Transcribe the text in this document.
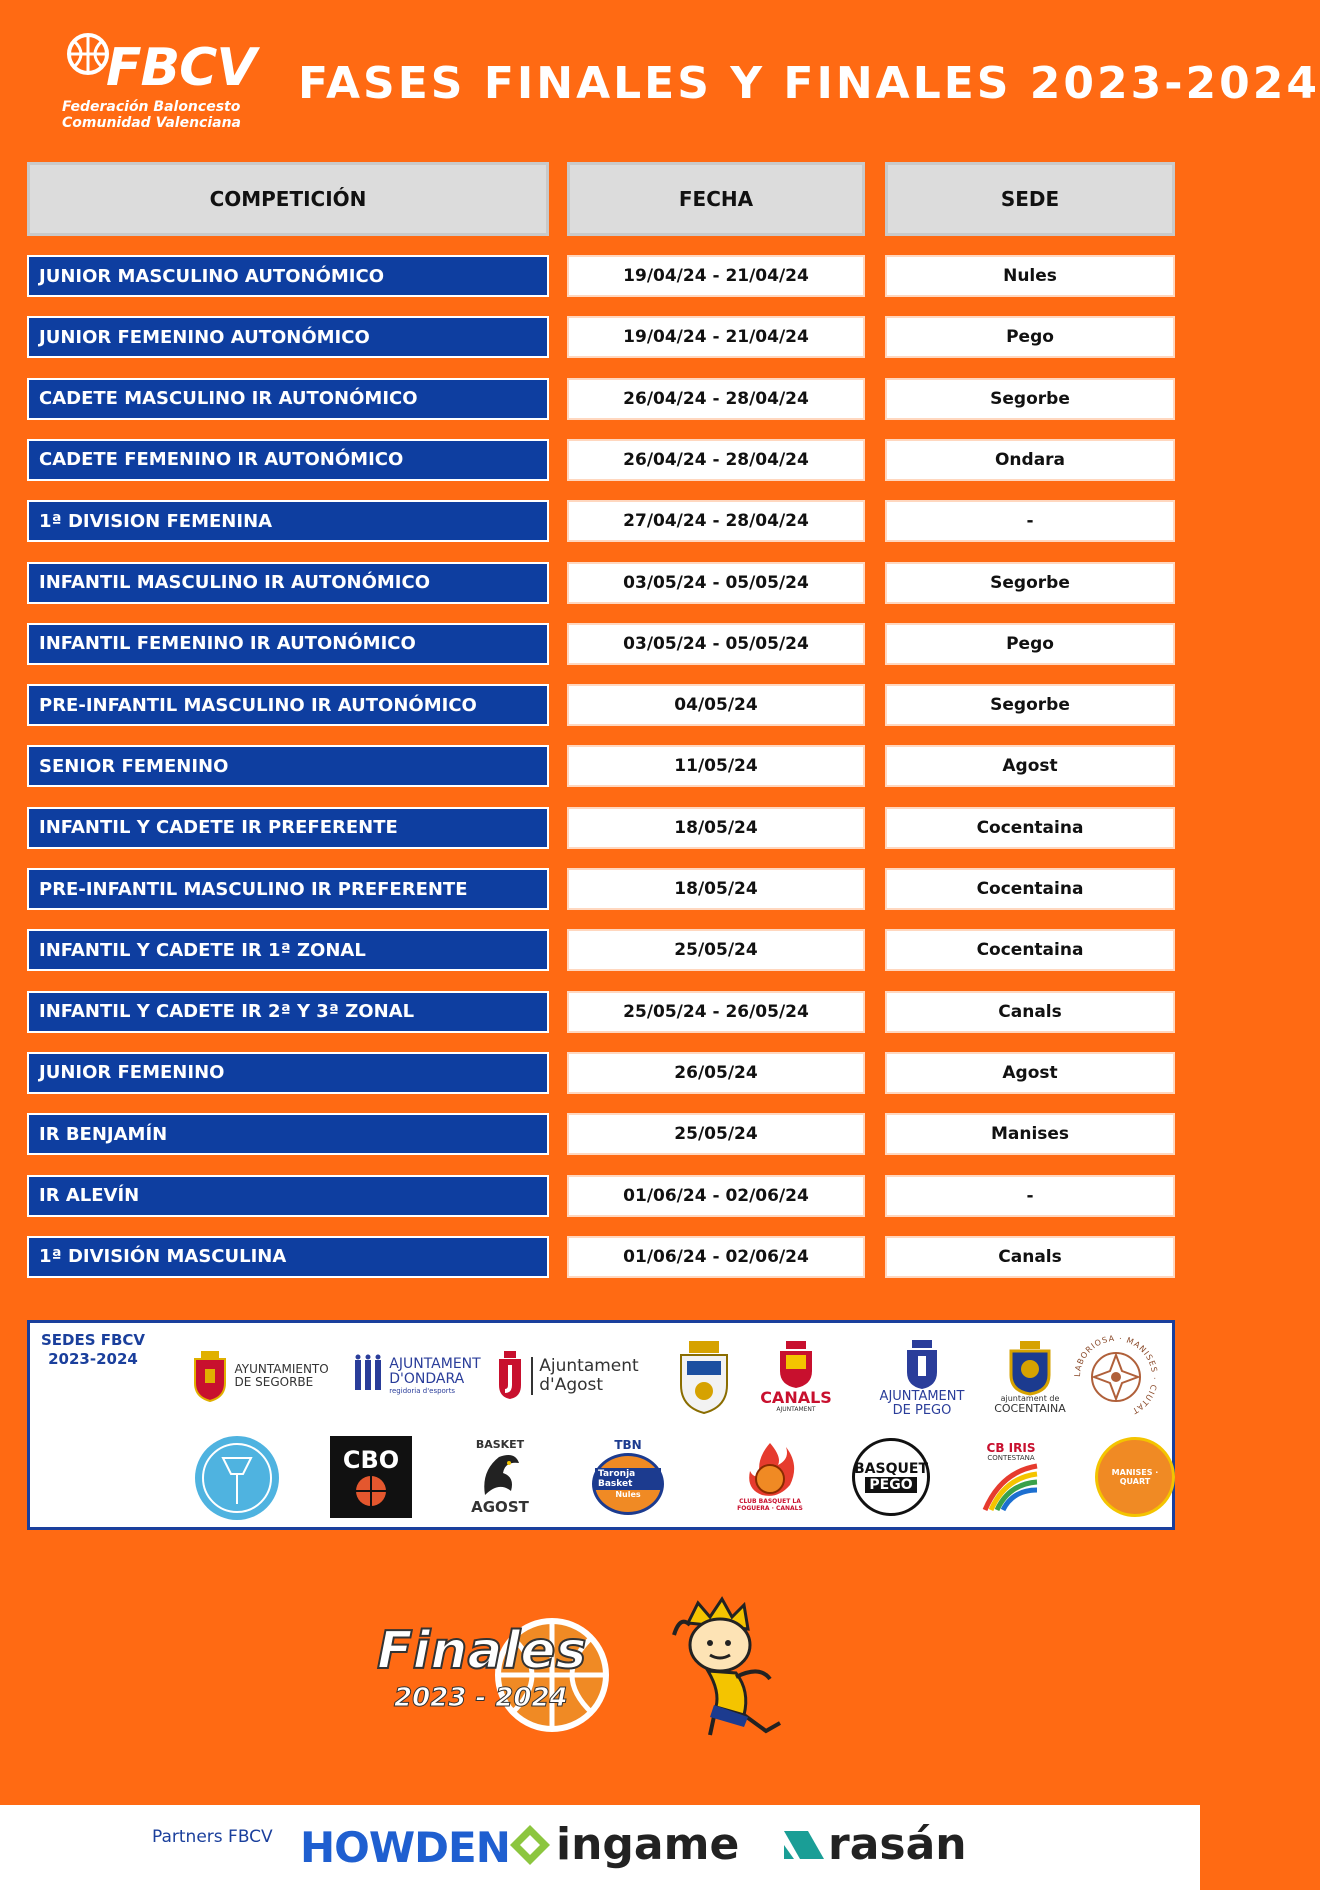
FBCV
Federación Baloncesto
Comunidad Valenciana
FASES FINALES Y FINALES 2023-2024
COMPETICIÓN	FECHA	SEDE
JUNIOR MASCULINO AUTONÓMICO	19/04/24 - 21/04/24	Nules
JUNIOR FEMENINO AUTONÓMICO	19/04/24 - 21/04/24	Pego
CADETE MASCULINO IR AUTONÓMICO	26/04/24 - 28/04/24	Segorbe
CADETE FEMENINO IR AUTONÓMICO	26/04/24 - 28/04/24	Ondara
1ª DIVISION FEMENINA	27/04/24 - 28/04/24	-
INFANTIL MASCULINO IR AUTONÓMICO	03/05/24 - 05/05/24	Segorbe
INFANTIL FEMENINO IR AUTONÓMICO	03/05/24 - 05/05/24	Pego
PRE-INFANTIL MASCULINO IR AUTONÓMICO	04/05/24	Segorbe
SENIOR FEMENINO	11/05/24	Agost
INFANTIL Y CADETE IR PREFERENTE	18/05/24	Cocentaina
PRE-INFANTIL MASCULINO IR PREFERENTE	18/05/24	Cocentaina
INFANTIL Y CADETE IR 1ª ZONAL	25/05/24	Cocentaina
INFANTIL Y CADETE IR 2ª Y 3ª ZONAL	25/05/24 - 26/05/24	Canals
JUNIOR FEMENINO	26/05/24	Agost
IR BENJAMÍN	25/05/24	Manises
IR ALEVÍN	01/06/24 - 02/06/24	-
1ª DIVISIÓN MASCULINA	01/06/24 - 02/06/24	Canals
SEDES FBCV
2023-2024
AYUNTAMIENTO DE SEGORBE
AJUNTAMENT
D'ONDARA
regidoria d'esports
Ajuntament
d'Agost
CANALS
AJUNTAMENT
AJUNTAMENT
DE PEGO
ajuntament de
COCENTAINA
LABORIOSA · MANISES · CIUTAT
CBO
BASKET
AGOST
TBN
Taronja Basket
Nules
CLUB BASQUET LA FOGUERA · CANALS
BASQUET
PEGO
CB IRIS
CONTESTANA
MANISES · QUART
Finales
2023 - 2024
Partners FBCV HOWDEN ingame rasán
